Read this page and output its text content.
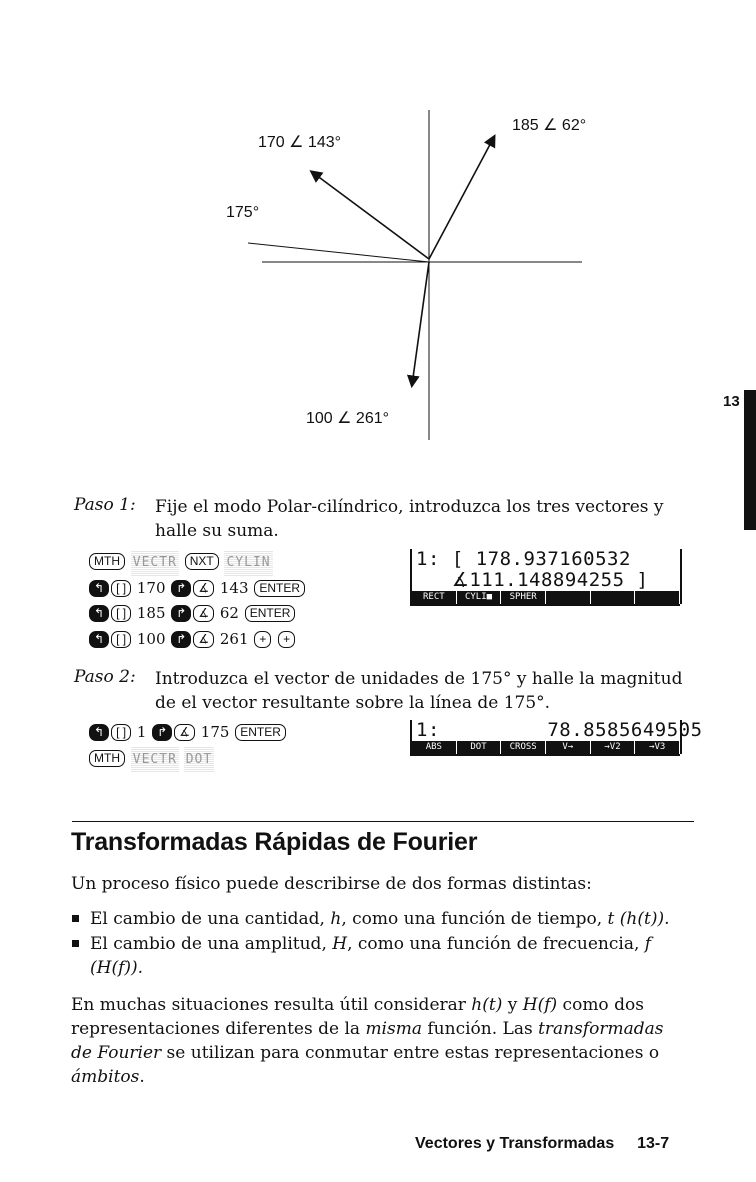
170 ∠ 143°
185 ∠ 62°
100 ∠ 261°
175°
13
Paso 1: Fije el modo Polar-cilíndrico, introduzca los tres vectores y halle su suma.
MTH VECTR NXT CYLIN
↰ [ ] 170 ↱ ∡ 143 ENTER
↰ [ ] 185 ↱ ∡ 62 ENTER
↰ [ ] 100 ↱ ∡ 261 + +
1: [ 178.937160532
∡111.148894255 ]
RECT	CYLI■	SPHER
Paso 2: Introduzca el vector de unidades de 175° y halle la magnitud de el vector resultante sobre la línea de 175°.
↰ [ ] 1 ↱ ∡ 175 ENTER
MTH VECTR DOT
1:         78.8585649505
ABS	DOT	CROSS	V→	→V2	→V3
Transformadas Rápidas de Fourier
Un proceso físico puede describirse de dos formas distintas:
El cambio de una cantidad, h, como una función de tiempo, t (h(t)).
El cambio de una amplitud, H, como una función de frecuencia, f
(H(f)).
En muchas situaciones resulta útil considerar h(t) y H(f) como dos representaciones diferentes de la misma función. Las transformadas de Fourier se utilizan para conmutar entre estas representaciones o ámbitos.
Vectores y Transformadas 13-7
